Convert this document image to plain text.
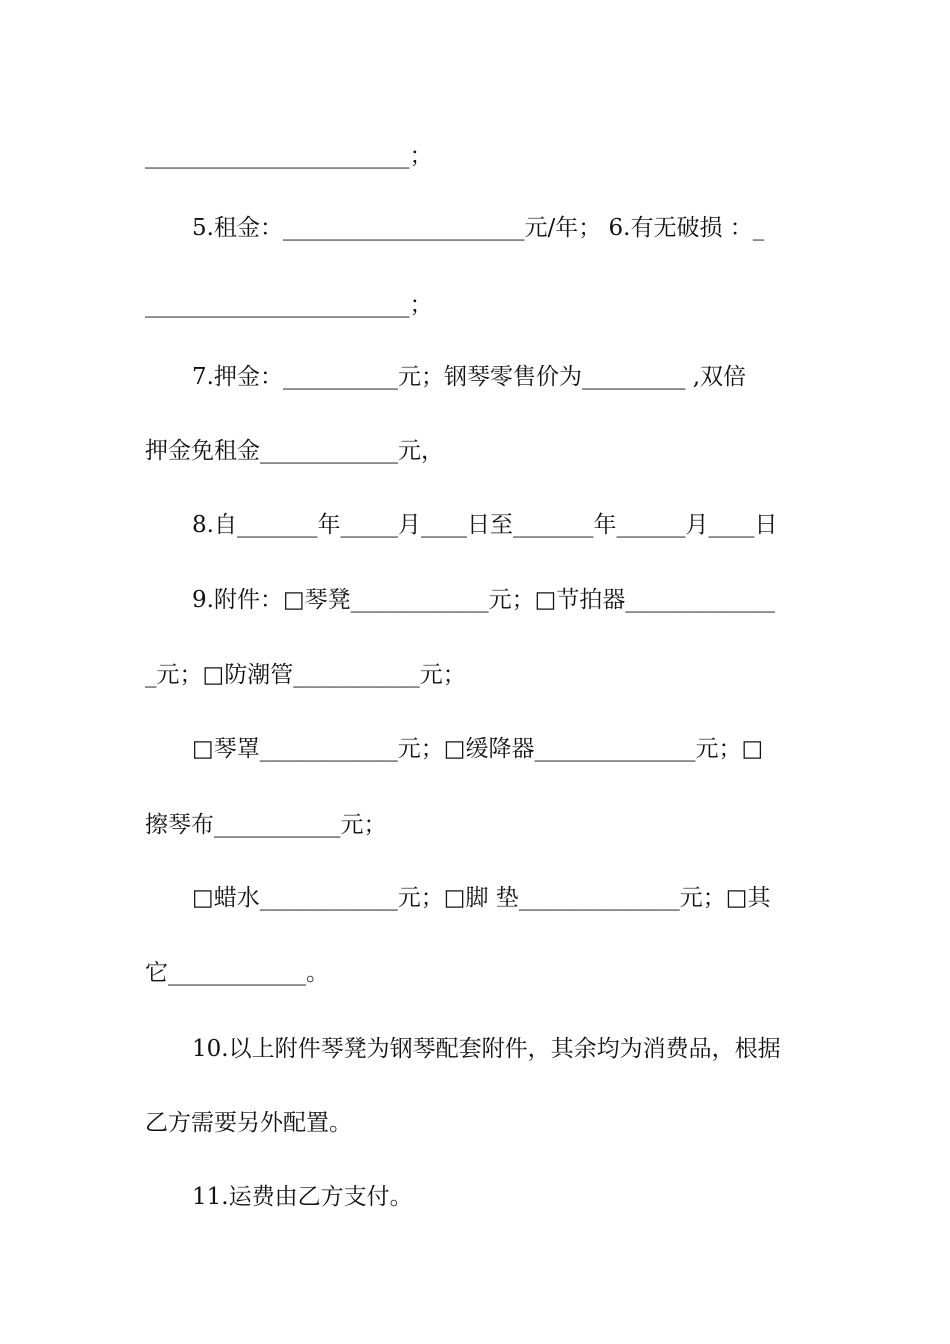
_______________________；
5.租金：_____________________元/年； 6.有无破损 ：_
_______________________；
7.押金：__________元；钢琴零售价为_________ ,双倍
押金免租金____________元，
8.自_______年_____月____日至_______年______月____日
9.附件：□琴凳____________元；□节拍器_____________
_元；□防潮管___________元；
□琴罩____________元；□缓降器______________元；□
擦琴布___________元；
□蜡水____________元；□脚 垫______________元；□其
它____________。
10.以上附件琴凳为钢琴配套附件，其余均为消费品，根据
乙方需要另外配置。
11.运费由乙方支付。
